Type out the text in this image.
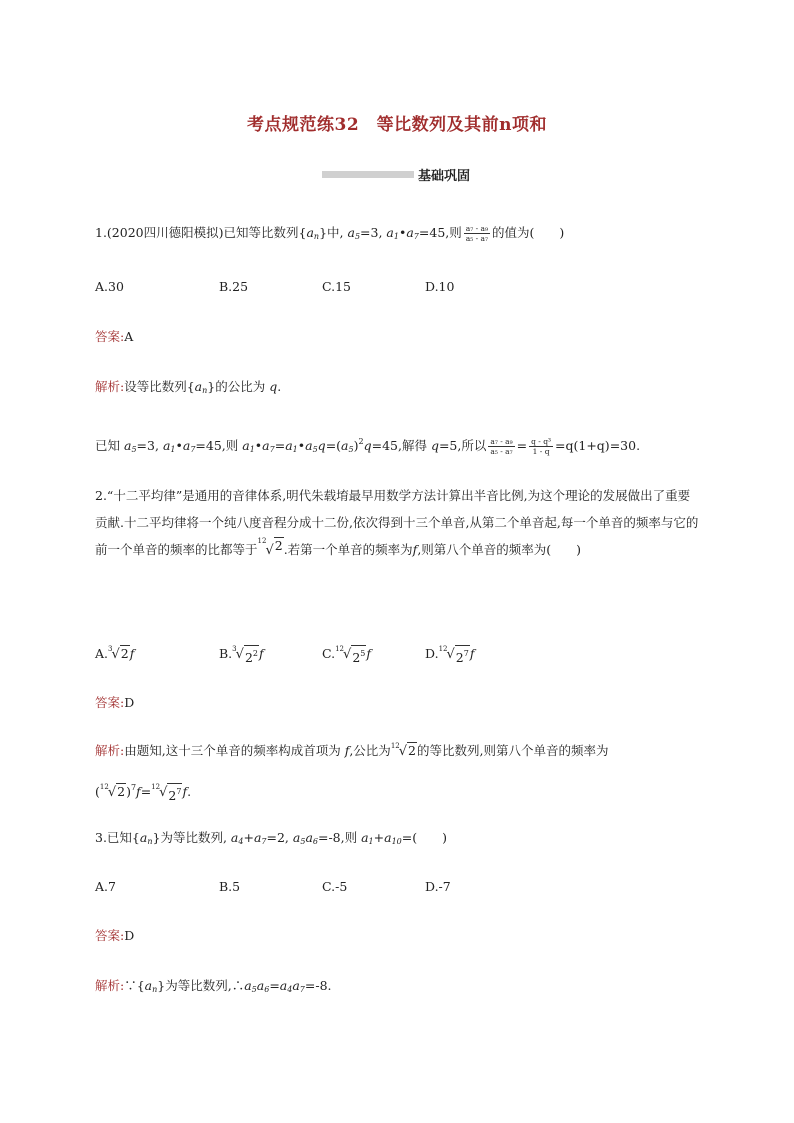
考点规范练32　等比数列及其前n项和
基础巩固
1.(2020四川德阳模拟)已知等比数列$\{a_n\}$中, $a_5=3$, $a_1•a_7=45$,则 $\frac{\text{a₇ - a₉}}{\text{a₅ - a₇}}$ 的值为(　　)
A.30	B.25	C.15	D.10
答案:A
解析:设等比数列$\{a_n\}$的公比为 q.
已知 $a_5=3$, $a_1•a_7=45$,则 $a_1•a_7=a_1•a_5q=(a_5)^2q=45$,解得 q=5,所以 $\frac{\text{a₇ - a₉}}{\text{a₅ - a₇}} = \frac{\text{q - q³}}{1 - q} =q(1+q)=30$.
2.“十二平均律”是通用的音律体系,明代朱载堉最早用数学方法计算出半音比例,为这个理论的发展做出了重要贡献.十二平均律将一个纯八度音程分成十二份,依次得到十三个单音,从第二个单音起,每一个单音的频率与它的前一个单音的频率的比都等于
12
√ 2 .若第一个单音的频率为f,则第八个单音的频率为(　　)
A. 3 √ 2 f	B. 3 √ $2^2$ f	C. 12 √ $2^5$ f	D. 12 √ $2^7$ f
答案:D
解析:由题知,这十三个单音的频率构成首项为 f,公比为 12 √ 2 的等比数列,则第八个单音的频率为
( 12 √ 2 )$^7$f= 12 √ $2^7$ f.
3.已知$\{a_n\}$为等比数列, $a_4+a_7=2$, $a_5a_6=-8$,则 $a_1+a_{10}=$(　　)
A.7	B.5	C.-5	D.-7
答案:D
解析$:\because\{a_n\}$为等比数列$,\therefore a_5a_6=a_4a_7=-8$.
